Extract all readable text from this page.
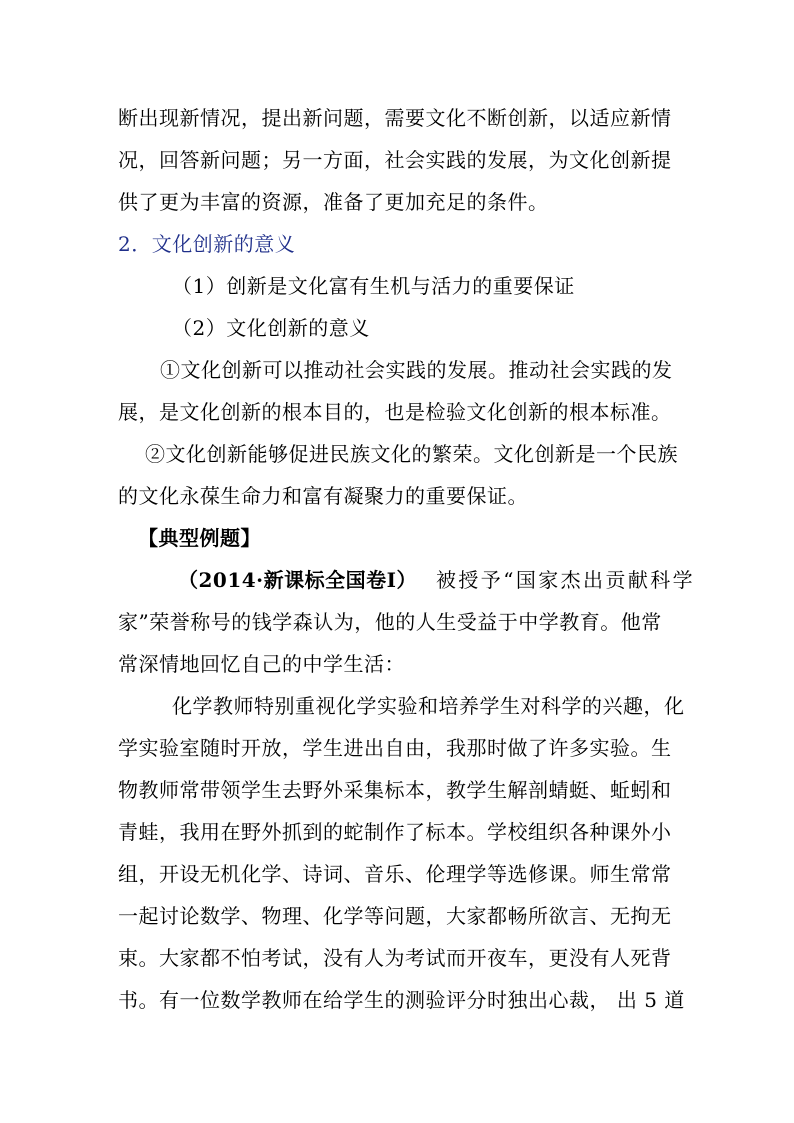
断出现新情况，提出新问题，需要文化不断创新，以适应新情
况，回答新问题；另一方面，社会实践的发展，为文化创新提
供了更为丰富的资源，准备了更加充足的条件。
2．文化创新的意义
（1）创新是文化富有生机与活力的重要保证
（2）文化创新的意义
①文化创新可以推动社会实践的发展。推动社会实践的发
展，是文化创新的根本目的，也是检验文化创新的根本标准。
②文化创新能够促进民族文化的繁荣。文化创新是一个民族
的文化永葆生命力和富有凝聚力的重要保证。
【典型例题】
（2014·新课标全国卷Ⅰ） 被授予“国家杰出贡献科学
家”荣誉称号的钱学森认为，他的人生受益于中学教育。他常
常深情地回忆自己的中学生活：
化学教师特别重视化学实验和培养学生对科学的兴趣，化
学实验室随时开放，学生进出自由，我那时做了许多实验。生
物教师常带领学生去野外采集标本，教学生解剖蜻蜓、蚯蚓和
青蛙，我用在野外抓到的蛇制作了标本。学校组织各种课外小
组，开设无机化学、诗词、音乐、伦理学等选修课。师生常常
一起讨论数学、物理、化学等问题，大家都畅所欲言、无拘无
束。大家都不怕考试，没有人为考试而开夜车，更没有人死背
书。有一位数学教师在给学生的测验评分时独出心裁， 出 5 道
